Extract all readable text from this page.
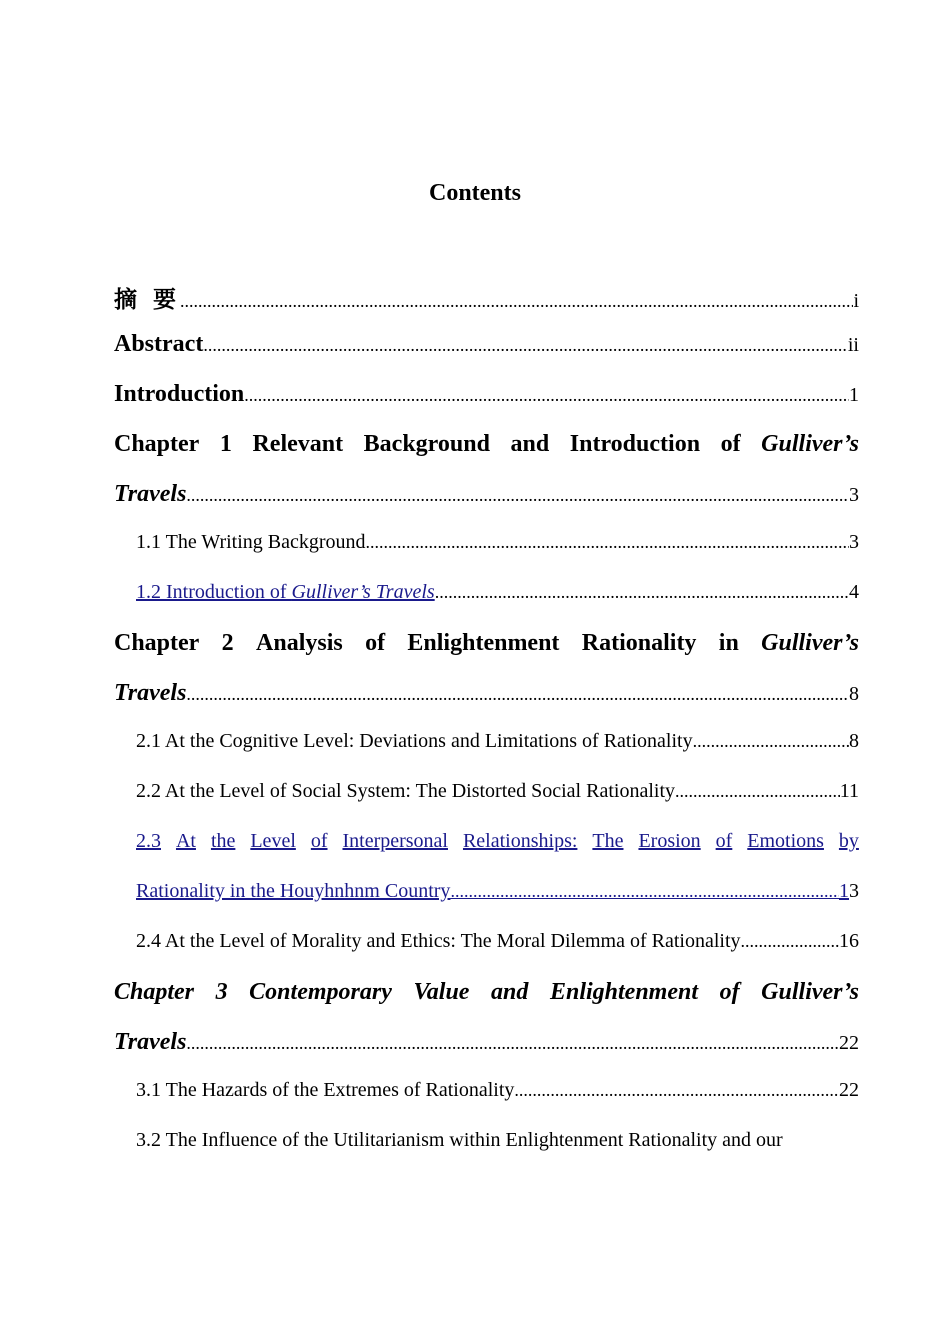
Contents
摘 要 .....	i
Abstract .....	ii
Introduction .....	1
Chapter 1 Relevant Background and Introduction of Gulliver’s
Travels .....	3
1.1 The Writing Background .....	3
1.2 Introduction of Gulliver’s Travels .....	4
Chapter 2 Analysis of Enlightenment Rationality in Gulliver’s
Travels .....	8
2.1 At the Cognitive Level: Deviations and Limitations of Rationality .....	8
2.2 At the Level of Social System: The Distorted Social Rationality .....	11
2.3 At the Level of Interpersonal Relationships: The Erosion of Emotions by
Rationality in the Houyhnhnm Country .....	1 3
2.4 At the Level of Morality and Ethics: The Moral Dilemma of Rationality .....	16
Chapter 3 Contemporary Value and Enlightenment of Gulliver’s
Travels .....	22
3.1 The Hazards of the Extremes of Rationality .....	22
3.2 The Influence of the Utilitarianism within Enlightenment Rationality and our
